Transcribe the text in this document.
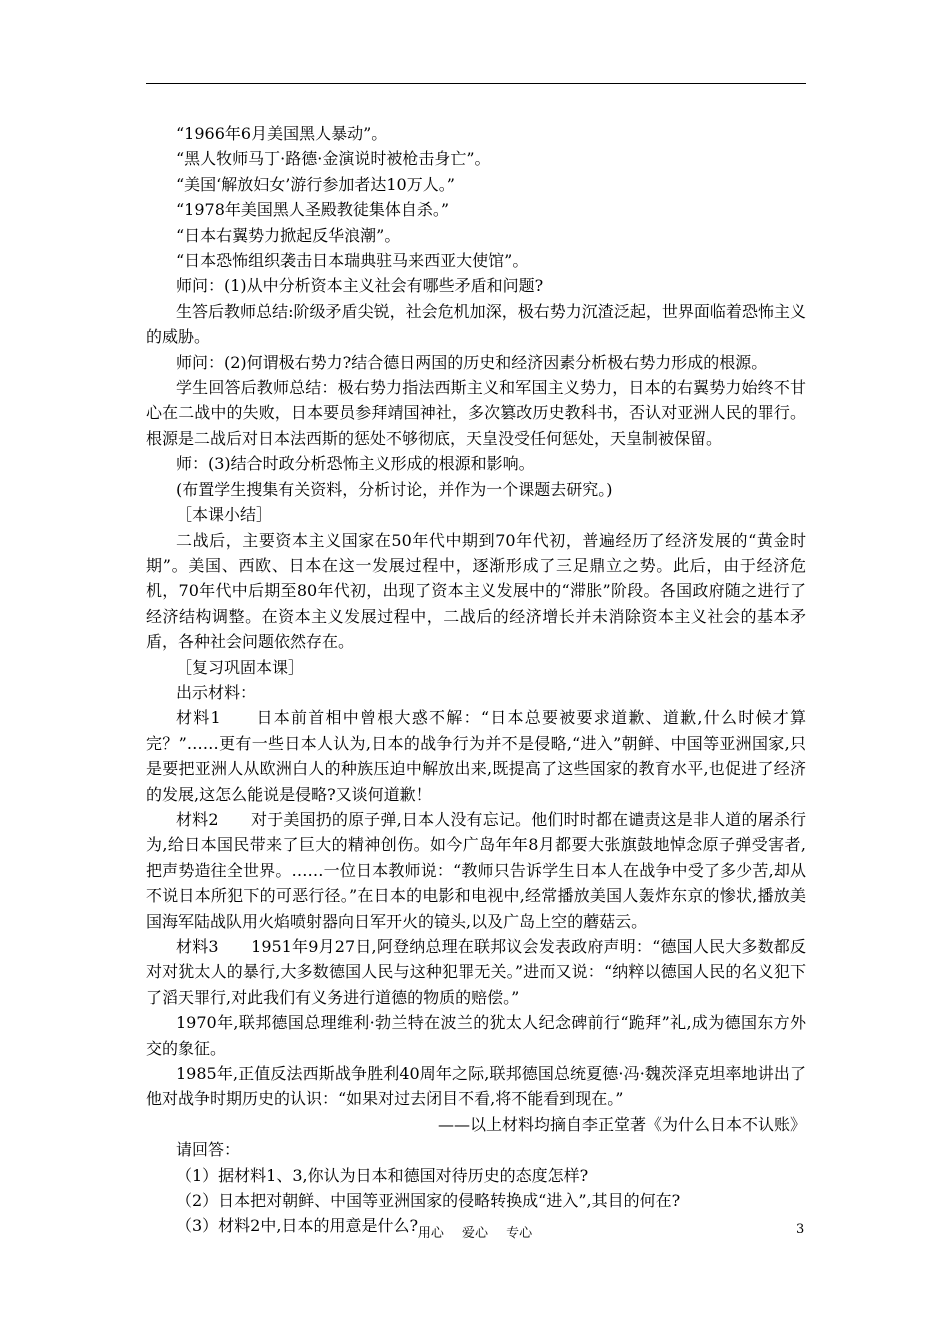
“1966年6月美国黑人暴动”。

“黑人牧师马丁·路德·金演说时被枪击身亡”。

“美国‘解放妇女’游行参加者达10万人。”

“1978年美国黑人圣殿教徒集体自杀。”

“日本右翼势力掀起反华浪潮”。

“日本恐怖组织袭击日本瑞典驻马来西亚大使馆”。

师问：(1)从中分析资本主义社会有哪些矛盾和问题?

生答后教师总结:阶级矛盾尖锐，社会危机加深，极右势力沉渣泛起，世界面临着恐怖主义的威胁。

师问：(2)何谓极右势力?结合德日两国的历史和经济因素分析极右势力形成的根源。

学生回答后教师总结：极右势力指法西斯主义和军国主义势力，日本的右翼势力始终不甘心在二战中的失败，日本要员参拜靖国神社，多次篡改历史教科书，否认对亚洲人民的罪行。根源是二战后对日本法西斯的惩处不够彻底，天皇没受任何惩处，天皇制被保留。

师：(3)结合时政分析恐怖主义形成的根源和影响。

(布置学生搜集有关资料，分析讨论，并作为一个课题去研究。)

［本课小结］

二战后，主要资本主义国家在50年代中期到70年代初，普遍经历了经济发展的“黄金时期”。美国、西欧、日本在这一发展过程中，逐渐形成了三足鼎立之势。此后，由于经济危机，70年代中后期至80年代初，出现了资本主义发展中的“滞胀”阶段。各国政府随之进行了经济结构调整。在资本主义发展过程中，二战后的经济增长并未消除资本主义社会的基本矛盾，各种社会问题依然存在。

［复习巩固本课］

出示材料：

材料1　　日本前首相中曾根大惑不解：“日本总要被要求道歉、道歉,什么时候才算完？”……更有一些日本人认为,日本的战争行为并不是侵略,“进入”朝鲜、中国等亚洲国家,只是要把亚洲人从欧洲白人的种族压迫中解放出来,既提高了这些国家的教育水平,也促进了经济的发展,这怎么能说是侵略?又谈何道歉！

材料2　　对于美国扔的原子弹,日本人没有忘记。他们时时都在谴责这是非人道的屠杀行为,给日本国民带来了巨大的精神创伤。如今广岛年年8月都要大张旗鼓地悼念原子弹受害者,把声势造往全世界。……一位日本教师说：“教师只告诉学生日本人在战争中受了多少苦,却从不说日本所犯下的可恶行径。”在日本的电影和电视中,经常播放美国人轰炸东京的惨状,播放美国海军陆战队用火焰喷射器向日军开火的镜头,以及广岛上空的蘑菇云。

材料3　　1951年9月27日,阿登纳总理在联邦议会发表政府声明：“德国人民大多数都反对对犹太人的暴行,大多数德国人民与这种犯罪无关。”进而又说：“纳粹以德国人民的名义犯下了滔天罪行,对此我们有义务进行道德的物质的赔偿。”

1970年,联邦德国总理维利·勃兰特在波兰的犹太人纪念碑前行“跪拜”礼,成为德国东方外交的象征。

1985年,正值反法西斯战争胜利40周年之际,联邦德国总统夏德·冯·魏茨泽克坦率地讲出了他对战争时期历史的认识：“如果对过去闭目不看,将不能看到现在。”

——以上材料均摘自李正堂著《为什么日本不认账》

请回答：

（1）据材料1、3,你认为日本和德国对待历史的态度怎样?

（2）日本把对朝鲜、中国等亚洲国家的侵略转换成“进入”,其目的何在?

（3）材料2中,日本的用意是什么? 用心 爱心 专心	3
